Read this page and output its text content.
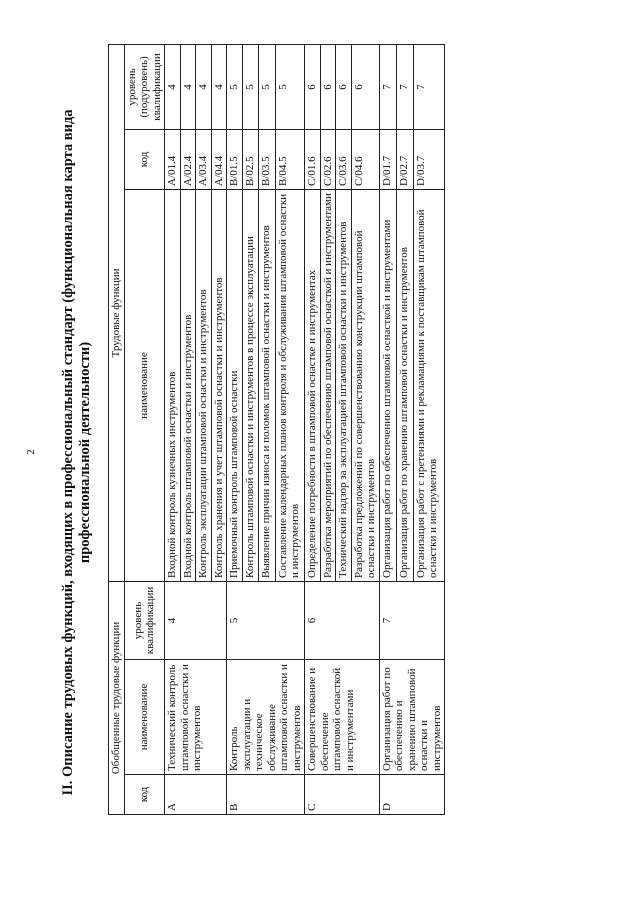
2 II. Описание трудовых функций, входящих в профессиональный стандарт (функциональная карта вида профессиональной деятельности)
Обобщенные трудовые функции			Трудовые функции		
код	наименование	уровень квалификации	наименование	код	уровень (подуровень) квалификации
A	Технический контроль штамповой оснастки и инструментов	4	Входной контроль кузнечных инструментов	A/01.4	4
			Входной контроль штамповой оснастки и инструментов	A/02.4	4
			Контроль эксплуатации штамповой оснастки и инструментов	A/03.4	4
			Контроль хранения и учет штамповой оснастки и инструментов	A/04.4	4
B	Контроль эксплуатации и техническое обслуживание штамповой оснастки и инструментов	5	Приемочный контроль штамповой оснастки	B/01.5	5
			Контроль штамповой оснастки и инструментов в процессе эксплуатации	B/02.5	5
			Выявление причин износа и поломок штамповой оснастки и инструментов	B/03.5	5
			Составление календарных планов контроля и обслуживания штамповой оснастки и инструментов	B/04.5	5
C	Совершенствование и обеспечение штамповой оснасткой и инструментами	6	Определение потребности в штамповой оснастке и инструментах	C/01.6	6
			Разработка мероприятий по обеспечению штамповой оснасткой и инструментами	C/02.6	6
			Технический надзор за эксплуатацией штамповой оснастки и инструментов	C/03.6	6
			Разработка предложений по совершенствованию конструкции штамповой оснастки и инструментов	C/04.6	6
D	Организация работ по обеспечению и хранению штамповой оснастки и инструментов	7	Организация работ по обеспечению штамповой оснасткой и инструментами	D/01.7	7
			Организация работ по хранению штамповой оснастки и инструментов	D/02.7	7
			Организация работ с претензиями и рекламациями к поставщикам штамповой оснастки и инструментов	D/03.7	7
